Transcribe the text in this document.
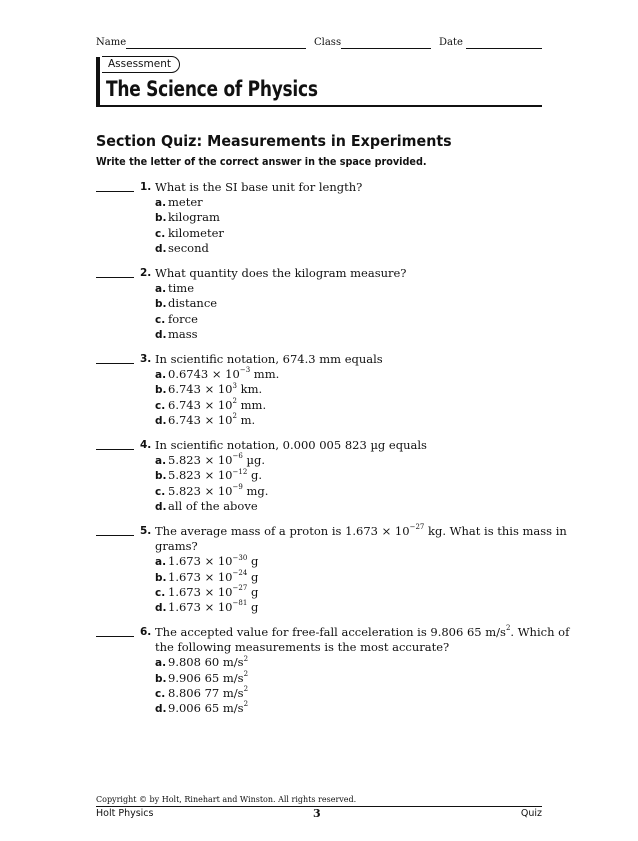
Name	Class	Date
Assessment
The Science of Physics
Section Quiz: Measurements in Experiments
Write the letter of the correct answer in the space provided.
1. What is the SI base unit for length?
a. meter
b.kilogram
c. kilometer
d.second
2. What quantity does the kilogram measure?
a. time
b.distance
c. force
d.mass
3. In scientific notation, 674.3 mm equals
a. $0.6743 \times 10^{-3}$ mm.
$b.6.743 \times 10^3$ km.
c. $6.743 \times 10^2$ mm.
$d.6.743 \times 10^2$ m.
4. In scientific notation, 0.000 005 823 µg equals
a. $5.823 \times 10^{-6}$ µg.
$b.5.823 \times 10^{-12}$ g.
c. $5.823 \times 10^{-9}$ mg.
d.all of the above
5. The average mass of a proton is $1.673 \times 10^{-27}$ kg. What is this mass in
grams?
a. $1.673 \times 10^{-30}$ g
$b.1.673 \times 10^{-24}$ g
c. $1.673 \times 10^{-27}$ g
$d.1.673 \times 10^{-81}$ g
6. The accepted value for free-fall acceleration is 9.806 65 $m/s^2$. Which of
the following measurements is the most accurate?
a. 9.808 60 $m/s^2$
b.9.906 65 $m/s^2$
c. 8.806 77 $m/s^2$
d.9.006 65 $m/s^2$
Copyright © by Holt, Rinehart and Winston. All rights reserved.
Holt Physics	3	Quiz
